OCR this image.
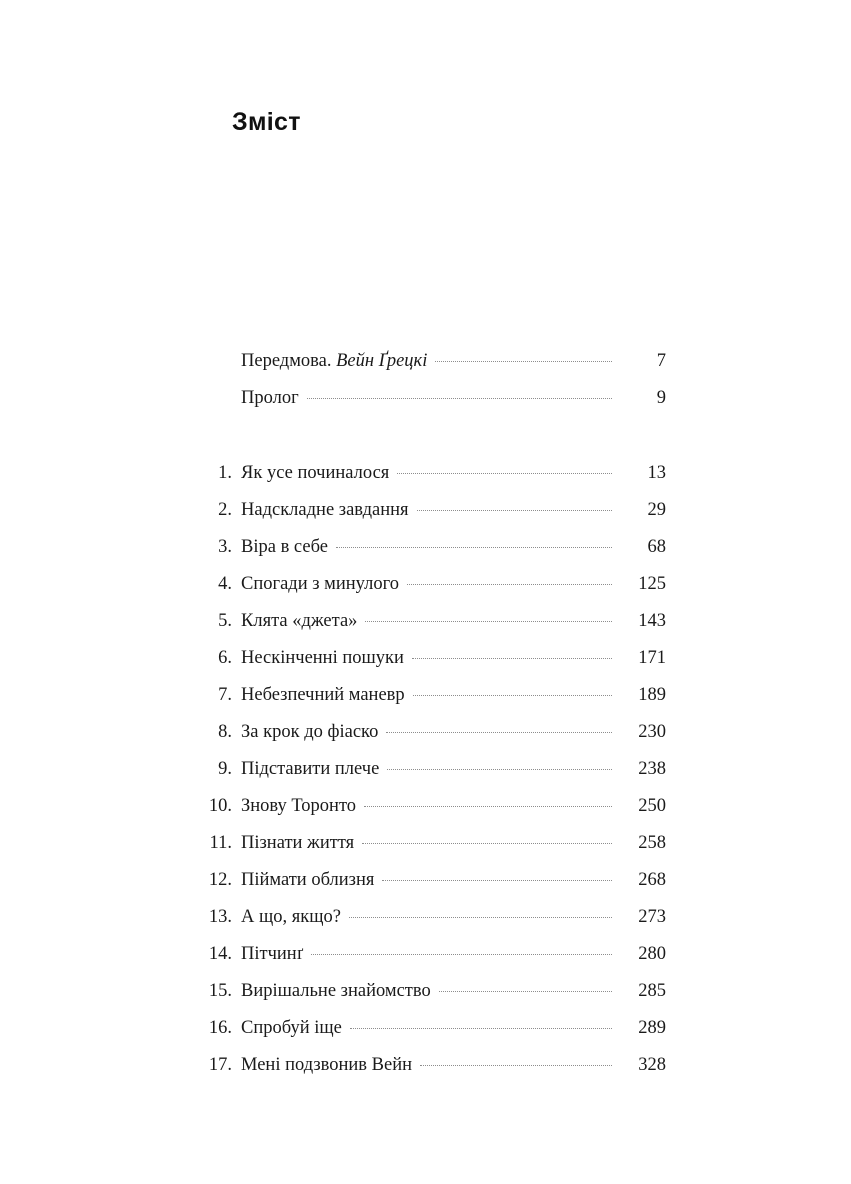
Зміст
Передмова. Вейн Ґрецкі	7
Пролог	9
1. Як усе починалося	13
2. Надскладне завдання	29
3. Віра в себе	68
4. Спогади з минулого	125
5. Клята «джета»	143
6. Нескінченні пошуки	171
7. Небезпечний маневр	189
8. За крок до фіаско	230
9. Підставити плече	238
10. Знову Торонто	250
11. Пізнати життя	258
12. Піймати облизня	268
13. А що, якщо?	273
14. Пітчинґ	280
15. Вирішальне знайомство	285
16. Спробуй іще	289
17. Мені подзвонив Вейн	328
